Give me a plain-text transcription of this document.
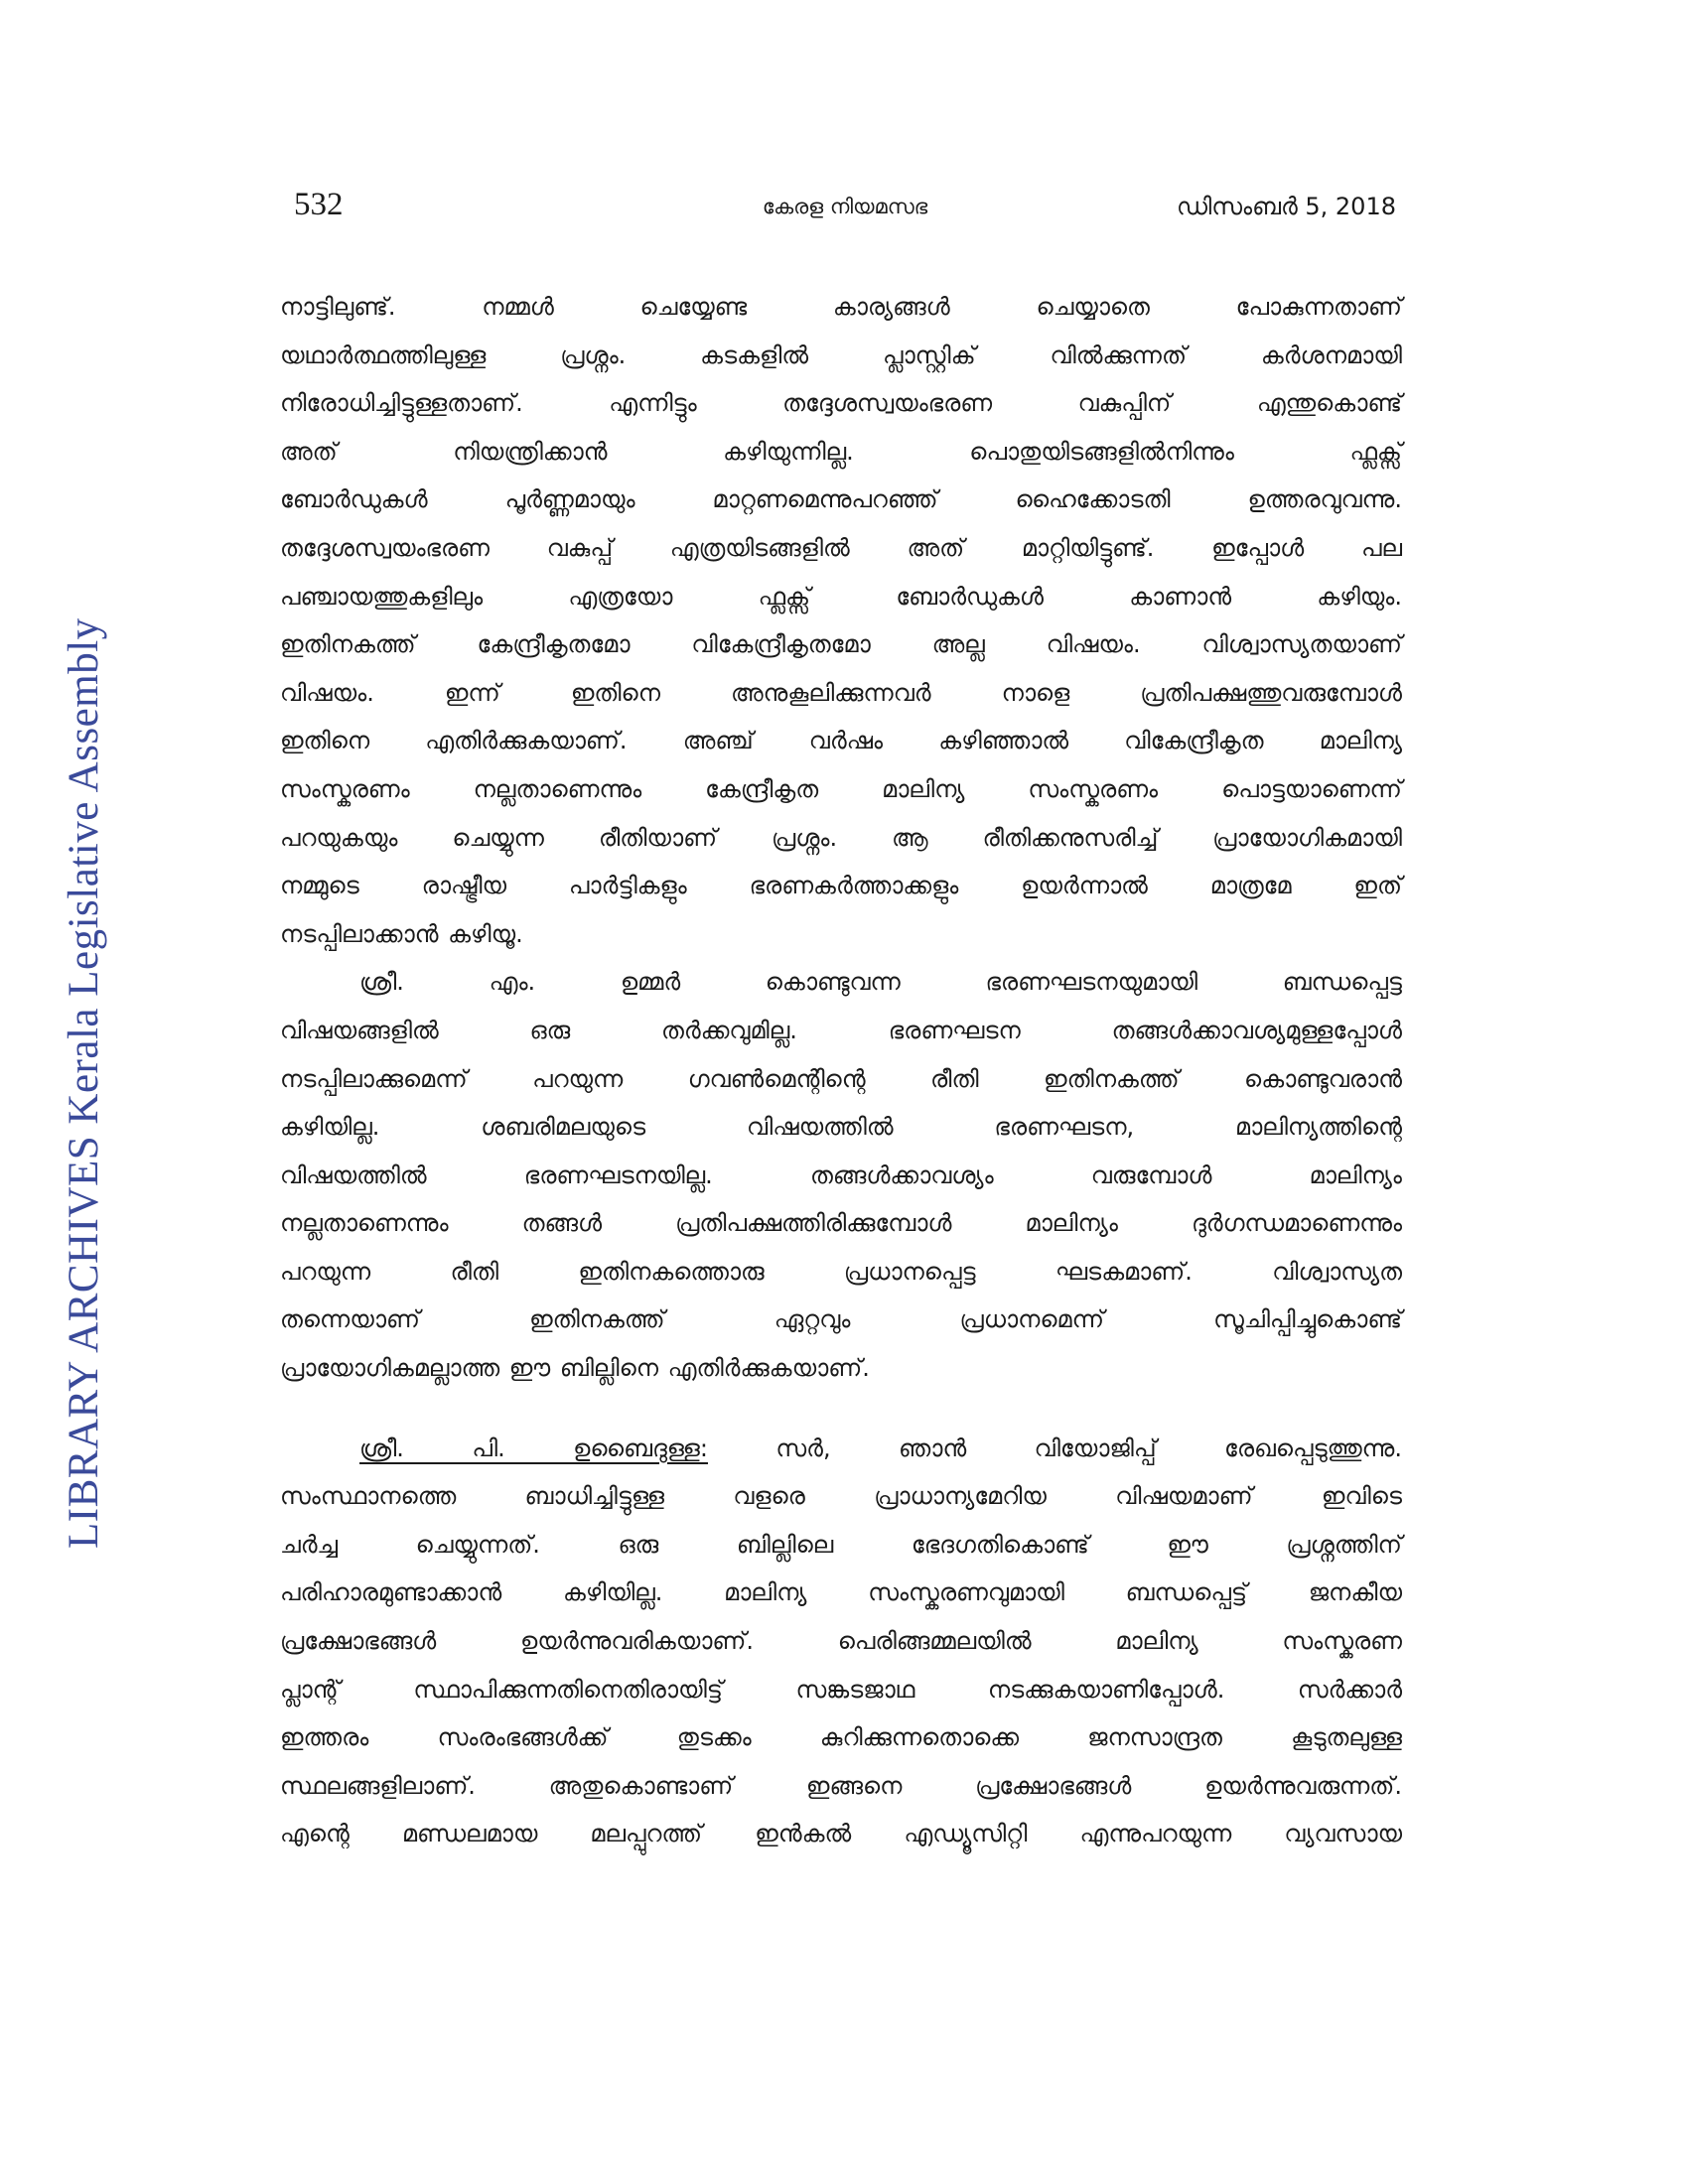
LIBRARY ARCHIVES Kerala Legislative Assembly
532	കേരള നിയമസഭ	ഡിസംബർ 5, 2018

നാട്ടിലുണ്ട്. നമ്മൾ ചെയ്യേണ്ട കാര്യങ്ങൾ ചെയ്യാതെ പോകുന്നതാണ്
യഥാർത്ഥത്തിലുള്ള പ്രശ്നം. കടകളിൽ പ്ലാസ്റ്റിക് വിൽക്കുന്നത് കർശനമായി
നിരോധിച്ചിട്ടുള്ളതാണ്. എന്നിട്ടും തദ്ദേശസ്വയംഭരണ വകുപ്പിന് എന്തുകൊണ്ട്
അത് നിയന്ത്രിക്കാൻ കഴിയുന്നില്ല. പൊതുയിടങ്ങളിൽനിന്നും ഫ്ലക്സ്
ബോർഡുകൾ പൂർണ്ണമായും മാറ്റണമെന്നുപറഞ്ഞ് ഹൈക്കോടതി ഉത്തരവുവന്നു.
തദ്ദേശസ്വയംഭരണ വകുപ്പ് എത്രയിടങ്ങളിൽ അത് മാറ്റിയിട്ടുണ്ട്. ഇപ്പോൾ പല
പഞ്ചായത്തുകളിലും എത്രയോ ഫ്ലക്സ് ബോർഡുകൾ കാണാൻ കഴിയും.
ഇതിനകത്ത് കേന്ദ്രീകൃതമോ വികേന്ദ്രീകൃതമോ അല്ല വിഷയം. വിശ്വാസ്യതയാണ്
വിഷയം. ഇന്ന് ഇതിനെ അനുകൂലിക്കുന്നവർ നാളെ പ്രതിപക്ഷത്തുവരുമ്പോൾ
ഇതിനെ എതിർക്കുകയാണ്. അഞ്ച് വർഷം കഴിഞ്ഞാൽ വികേന്ദ്രീകൃത മാലിന്യ
സംസ്കരണം നല്ലതാണെന്നും കേന്ദ്രീകൃത മാലിന്യ സംസ്കരണം പൊട്ടയാണെന്ന്
പറയുകയും ചെയ്യുന്ന രീതിയാണ് പ്രശ്നം. ആ രീതിക്കനുസരിച്ച് പ്രായോഗികമായി
നമ്മുടെ രാഷ്ട്രീയ പാർട്ടികളും ഭരണകർത്താക്കളും ഉയർന്നാൽ മാത്രമേ ഇത്
നടപ്പിലാക്കാൻ കഴിയൂ.

ശ്രീ. എം. ഉമ്മർ കൊണ്ടുവന്ന ഭരണഘടനയുമായി ബന്ധപ്പെട്ട
വിഷയങ്ങളിൽ ഒരു തർക്കവുമില്ല. ഭരണഘടന തങ്ങൾക്കാവശ്യമുള്ളപ്പോൾ
നടപ്പിലാക്കുമെന്ന് പറയുന്ന ഗവൺമെന്റിന്റെ രീതി ഇതിനകത്ത് കൊണ്ടുവരാൻ
കഴിയില്ല. ശബരിമലയുടെ വിഷയത്തിൽ ഭരണഘടന, മാലിന്യത്തിന്റെ
വിഷയത്തിൽ ഭരണഘടനയില്ല. തങ്ങൾക്കാവശ്യം വരുമ്പോൾ മാലിന്യം
നല്ലതാണെന്നും തങ്ങൾ പ്രതിപക്ഷത്തിരിക്കുമ്പോൾ മാലിന്യം ദുർഗന്ധമാണെന്നും
പറയുന്ന രീതി ഇതിനകത്തൊരു പ്രധാനപ്പെട്ട ഘടകമാണ്. വിശ്വാസ്യത
തന്നെയാണ് ഇതിനകത്ത് ഏറ്റവും പ്രധാനമെന്ന് സൂചിപ്പിച്ചുകൊണ്ട്
പ്രായോഗികമല്ലാത്ത ഈ ബില്ലിനെ എതിർക്കുകയാണ്.

ശ്രീ. പി. ഉബൈദുള്ള: സർ, ഞാൻ വിയോജിപ്പ് രേഖപ്പെടുത്തുന്നു.
സംസ്ഥാനത്തെ ബാധിച്ചിട്ടുള്ള വളരെ പ്രാധാന്യമേറിയ വിഷയമാണ് ഇവിടെ
ചർച്ച ചെയ്യുന്നത്. ഒരു ബില്ലിലെ ഭേദഗതികൊണ്ട് ഈ പ്രശ്നത്തിന്
പരിഹാരമുണ്ടാക്കാൻ കഴിയില്ല. മാലിന്യ സംസ്കരണവുമായി ബന്ധപ്പെട്ട് ജനകീയ
പ്രക്ഷോഭങ്ങൾ ഉയർന്നുവരികയാണ്. പെരിങ്ങമ്മലയിൽ മാലിന്യ സംസ്കരണ
പ്ലാന്റ് സ്ഥാപിക്കുന്നതിനെതിരായിട്ട് സങ്കടജാഥ നടക്കുകയാണിപ്പോൾ. സർക്കാർ
ഇത്തരം സംരംഭങ്ങൾക്ക് തുടക്കം കുറിക്കുന്നതൊക്കെ ജനസാന്ദ്രത കൂടുതലുള്ള
സ്ഥലങ്ങളിലാണ്. അതുകൊണ്ടാണ് ഇങ്ങനെ പ്രക്ഷോഭങ്ങൾ ഉയർന്നുവരുന്നത്.
എന്റെ മണ്ഡലമായ മലപ്പുറത്ത് ഇൻകൽ എഡ്യൂസിറ്റി എന്നുപറയുന്ന വ്യവസായ
